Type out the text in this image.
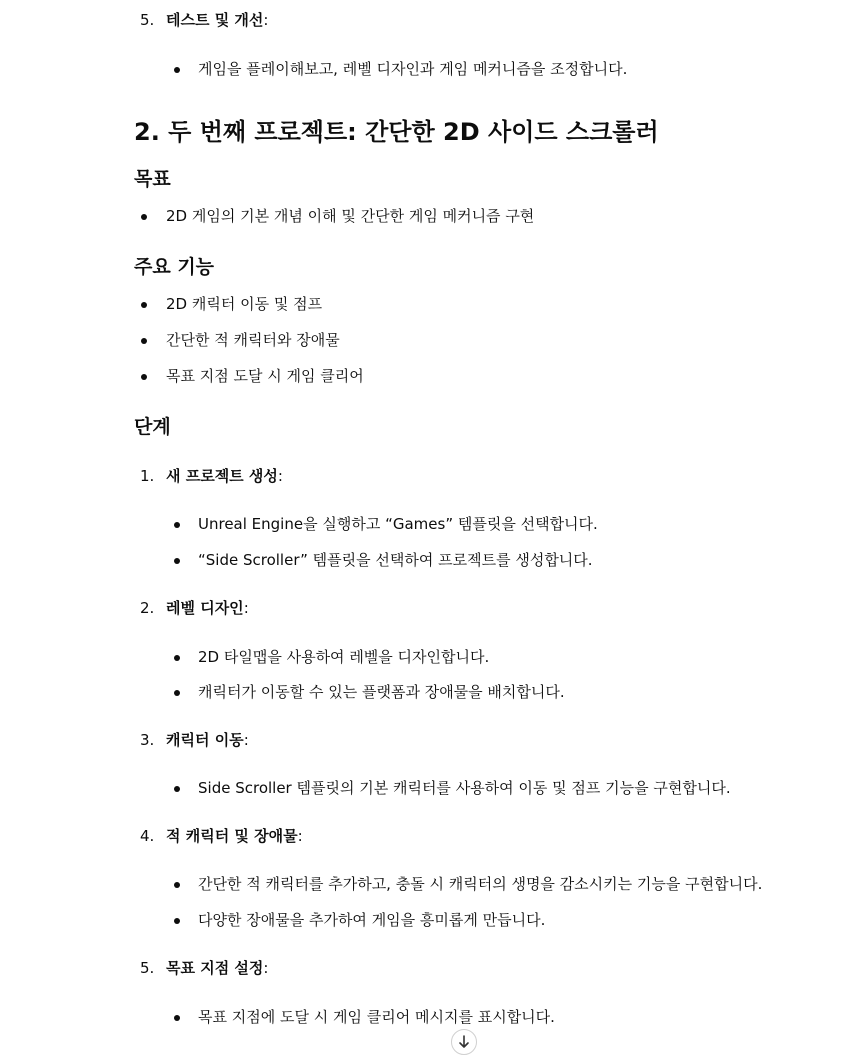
5. 테스트 및 개선:
게임을 플레이해보고, 레벨 디자인과 게임 메커니즘을 조정합니다.
2. 두 번째 프로젝트: 간단한 2D 사이드 스크롤러
목표
2D 게임의 기본 개념 이해 및 간단한 게임 메커니즘 구현
주요 기능
2D 캐릭터 이동 및 점프
간단한 적 캐릭터와 장애물
목표 지점 도달 시 게임 클리어
단계
1. 새 프로젝트 생성:
Unreal Engine을 실행하고 “Games” 템플릿을 선택합니다.
“Side Scroller” 템플릿을 선택하여 프로젝트를 생성합니다.
2. 레벨 디자인:
2D 타일맵을 사용하여 레벨을 디자인합니다.
캐릭터가 이동할 수 있는 플랫폼과 장애물을 배치합니다.
3. 캐릭터 이동:
Side Scroller 템플릿의 기본 캐릭터를 사용하여 이동 및 점프 기능을 구현합니다.
4. 적 캐릭터 및 장애물:
간단한 적 캐릭터를 추가하고, 충돌 시 캐릭터의 생명을 감소시키는 기능을 구현합니다.
다양한 장애물을 추가하여 게임을 흥미롭게 만듭니다.
5. 목표 지점 설정:
목표 지점에 도달 시 게임 클리어 메시지를 표시합니다.
